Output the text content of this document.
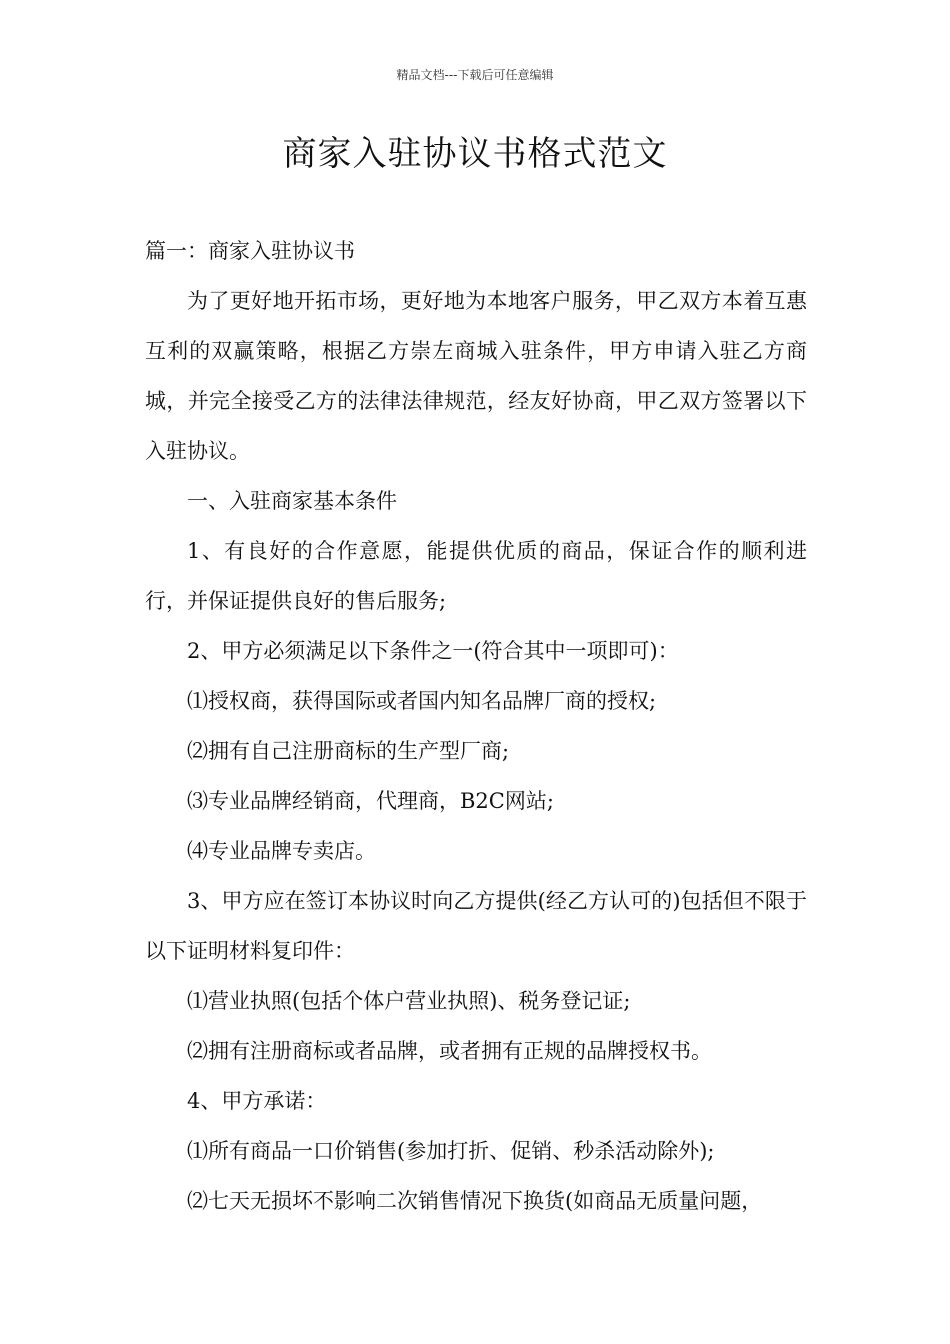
精品文档---下载后可任意编辑
商家入驻协议书格式范文

篇一：商家入驻协议书

为了更好地开拓市场，更好地为本地客户服务，甲乙双方本着互惠互利的双赢策略，根据乙方崇左商城入驻条件，甲方申请入驻乙方商城，并完全接受乙方的法律法律规范，经友好协商，甲乙双方签署以下入驻协议。

一、入驻商家基本条件

1、有良好的合作意愿，能提供优质的商品，保证合作的顺利进行，并保证提供良好的售后服务;

2、甲方必须满足以下条件之一(符合其中一项即可)：

⑴授权商，获得国际或者国内知名品牌厂商的授权;

⑵拥有自己注册商标的生产型厂商;

⑶专业品牌经销商，代理商，B2C网站;

⑷专业品牌专卖店。

3、甲方应在签订本协议时向乙方提供(经乙方认可的)包括但不限于以下证明材料复印件：

⑴营业执照(包括个体户营业执照)、税务登记证;

⑵拥有注册商标或者品牌，或者拥有正规的品牌授权书。

4、甲方承诺：

⑴所有商品一口价销售(参加打折、促销、秒杀活动除外);

⑵七天无损坏不影响二次销售情况下换货(如商品无质量问题，
